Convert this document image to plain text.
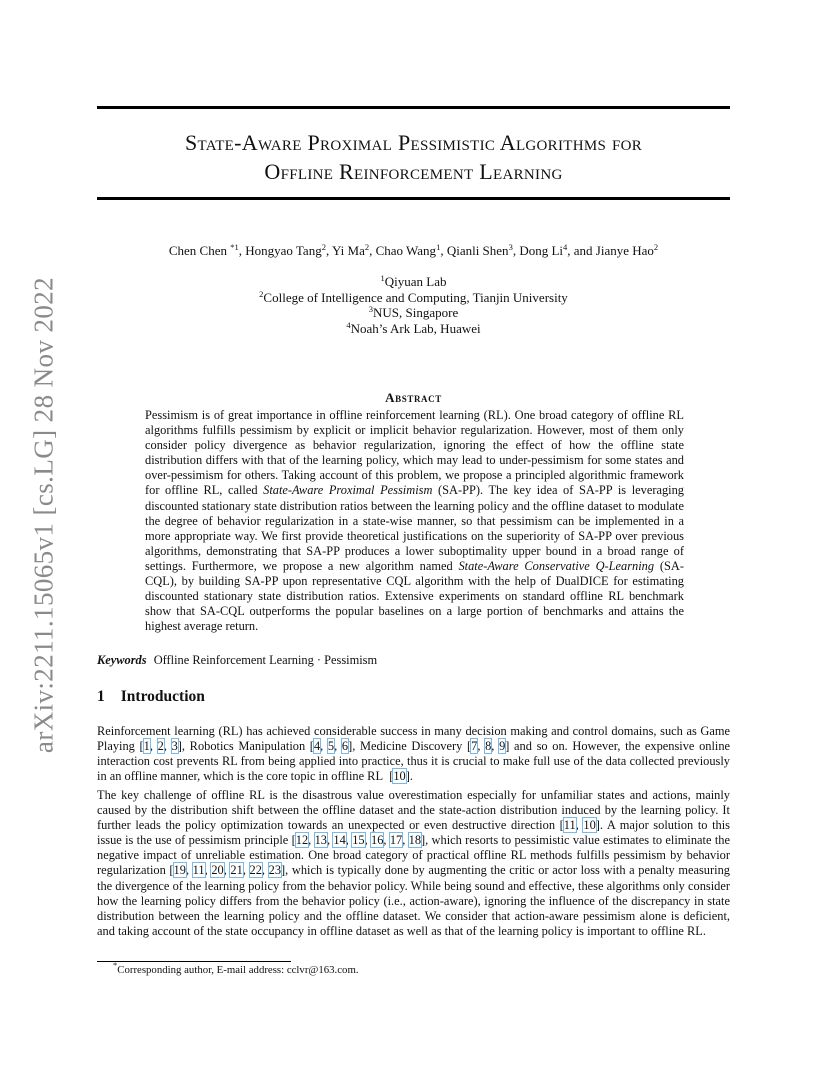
arXiv:2211.15065v1 [cs.LG] 28 Nov 2022
State-Aware Proximal Pessimistic Algorithms for
Offline Reinforcement Learning
Chen Chen $^{*1}$, Hongyao Tang$^2$, Yi Ma$^2$, Chao Wang$^1$, Qianli Shen$^3$, Dong Li$^4$, and Jianye Hao$^2$
$^1$Qiyuan Lab
$^2$College of Intelligence and Computing, Tianjin University
$^3$NUS, Singapore
$^4$Noah’s Ark Lab, Huawei
Abstract
Pessimism is of great importance in offline reinforcement learning (RL). One broad category of offline RL algorithms fulfills pessimism by explicit or implicit behavior regularization. However, most of them only consider policy divergence as behavior regularization, ignoring the effect of how the offline state distribution differs with that of the learning policy, which may lead to under-pessimism for some states and over-pessimism for others. Taking account of this problem, we propose a principled algorithmic framework for offline RL, called State-Aware Proximal Pessimism (SA-PP). The key idea of SA-PP is leveraging discounted stationary state distribution ratios between the learning policy and the offline dataset to modulate the degree of behavior regularization in a state-wise manner, so that pessimism can be implemented in a more appropriate way. We first provide theoretical justifications on the superiority of SA-PP over previous algorithms, demonstrating that SA-PP produces a lower suboptimality upper bound in a broad range of settings. Furthermore, we propose a new algorithm named State-Aware Conservative Q-Learning (SA-CQL), by building SA-PP upon representative CQL algorithm with the help of DualDICE for estimating discounted stationary state distribution ratios. Extensive experiments on standard offline RL benchmark show that SA-CQL outperforms the popular baselines on a large portion of benchmarks and attains the highest average return.
Keywords Offline Reinforcement Learning · Pessimism
1 Introduction
Reinforcement learning (RL) has achieved considerable success in many decision making and control domains, such as Game Playing [1, 2, 3], Robotics Manipulation [4, 5, 6], Medicine Discovery [7, 8, 9] and so on. However, the expensive online interaction cost prevents RL from being applied into practice, thus it is crucial to make full use of the data collected previously in an offline manner, which is the core topic in offline RL  [10].
The key challenge of offline RL is the disastrous value overestimation especially for unfamiliar states and actions, mainly caused by the distribution shift between the offline dataset and the state-action distribution induced by the learning policy. It further leads the policy optimization towards an unexpected or even destructive direction [11, 10]. A major solution to this issue is the use of pessimism principle [12, 13, 14, 15, 16, 17, 18], which resorts to pessimistic value estimates to eliminate the negative impact of unreliable estimation. One broad category of practical offline RL methods fulfills pessimism by behavior regularization [19, 11, 20, 21, 22, 23], which is typically done by augmenting the critic or actor loss with a penalty measuring the divergence of the learning policy from the behavior policy. While being sound and effective, these algorithms only consider how the learning policy differs from the behavior policy (i.e., action-aware), ignoring the influence of the discrepancy in state distribution between the learning policy and the offline dataset. We consider that action-aware pessimism alone is deficient, and taking account of the state occupancy in offline dataset as well as that of the learning policy is important to offline RL.
*Corresponding author, E-mail address: cclvr@163.com.
